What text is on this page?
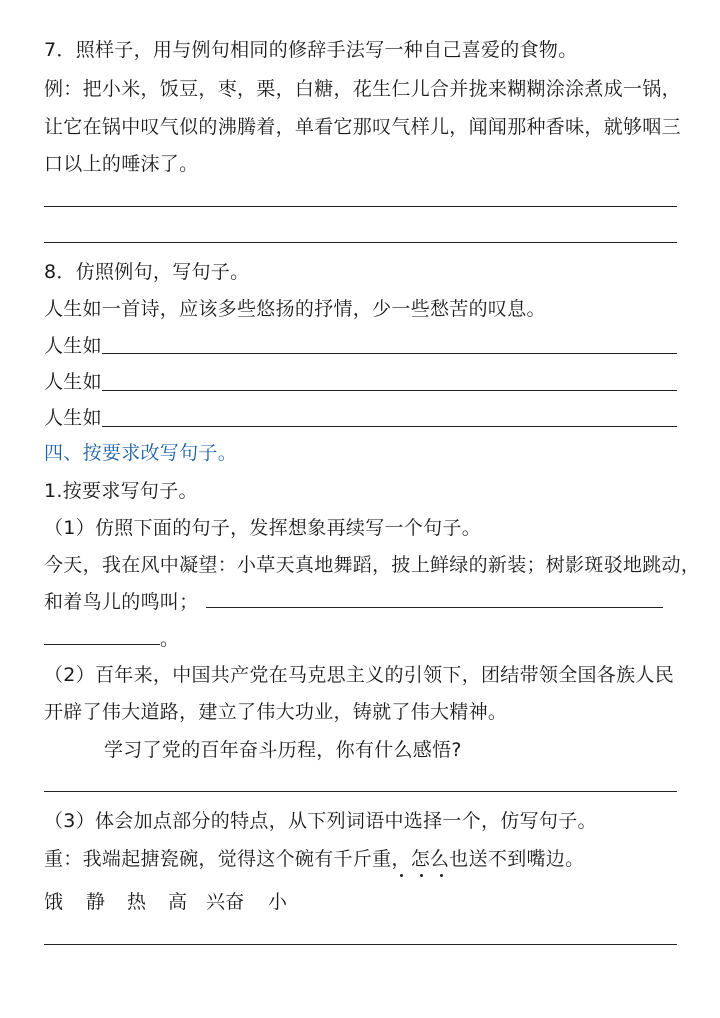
7．照样子，用与例句相同的修辞手法写一种自己喜爱的食物。
例：把小米，饭豆，枣，栗，白糖，花生仁儿合并拢来糊糊涂涂煮成一锅，
让它在锅中叹气似的沸腾着，单看它那叹气样儿，闻闻那种香味，就够咽三
口以上的唾沫了。
8．仿照例句，写句子。
人生如一首诗，应该多些悠扬的抒情，少一些愁苦的叹息。
人生如
人生如
人生如
四、按要求改写句子。
1.按要求写句子。
（1）仿照下面的句子，发挥想象再续写一个句子。
今天，我在风中凝望：小草天真地舞蹈，披上鲜绿的新装；树影斑驳地跳动，
和着鸟儿的鸣叫；
。
（2）百年来，中国共产党在马克思主义的引领下，团结带领全国各族人民
开辟了伟大道路，建立了伟大功业，铸就了伟大精神。
学习了党的百年奋斗历程，你有什么感悟?
（3）体会加点部分的特点，从下列词语中选择一个，仿写句子。
重：我端起搪瓷碗，觉得这个碗有千斤重，怎么也送不到嘴边。
饿 静 热 高 兴奋 小
